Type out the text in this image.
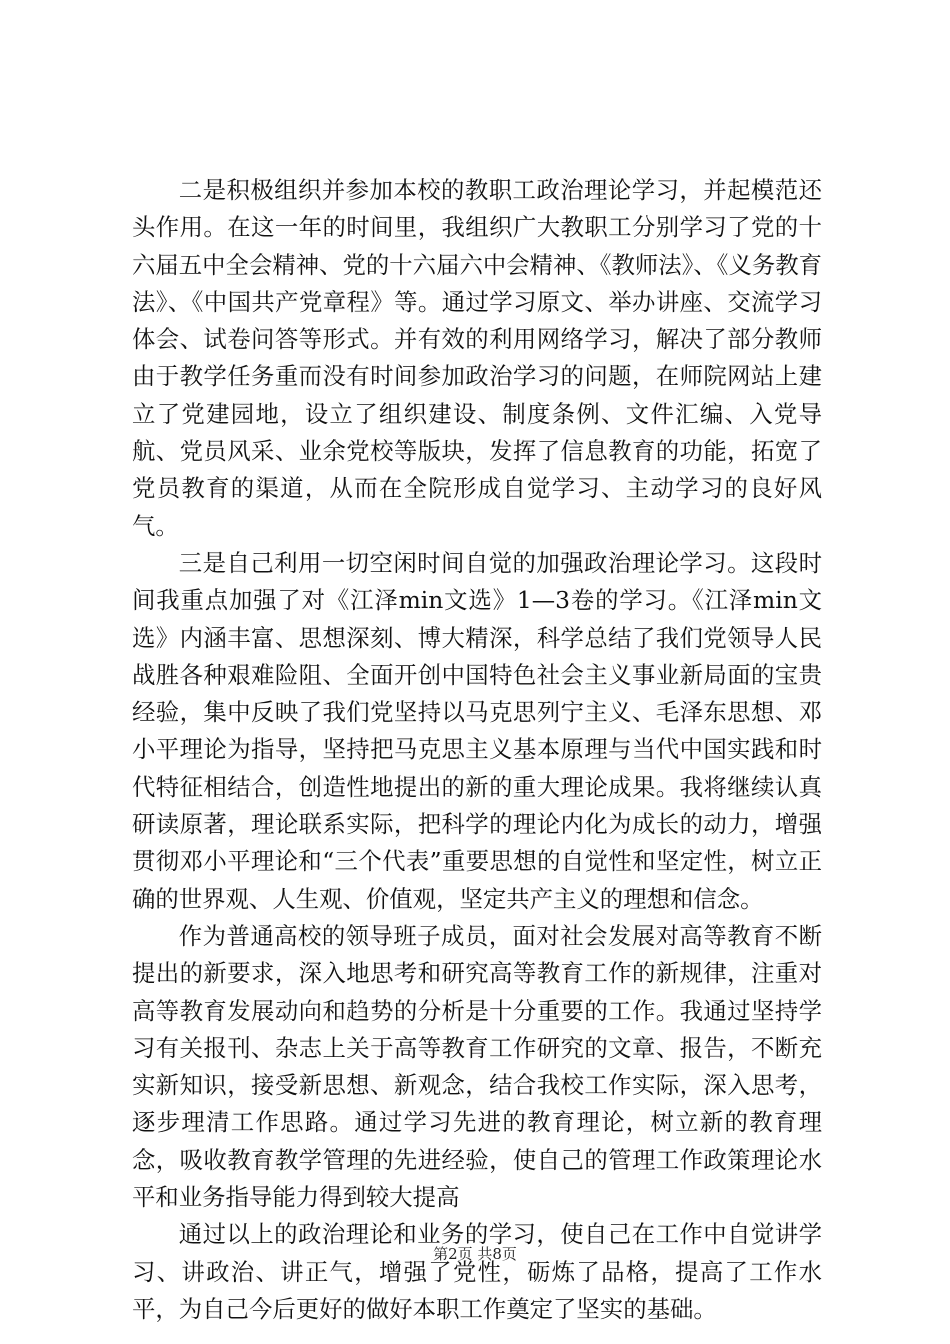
二是积极组织并参加本校的教职工政治理论学习，并起模范还头作用。在这一年的时间里，我组织广大教职工分别学习了党的十六届五中全会精神、党的十六届六中会精神、《教师法》、《义务教育法》、《中国共产党章程》等。通过学习原文、举办讲座、交流学习体会、试卷问答等形式。并有效的利用网络学习，解决了部分教师由于教学任务重而没有时间参加政治学习的问题，在师院网站上建立了党建园地，设立了组织建设、制度条例、文件汇编、入党导航、党员风采、业余党校等版块，发挥了信息教育的功能，拓宽了党员教育的渠道，从而在全院形成自觉学习、主动学习的良好风气。

三是自己利用一切空闲时间自觉的加强政治理论学习。这段时间我重点加强了对《江泽min文选》1—3卷的学习。《江泽min文选》内涵丰富、思想深刻、博大精深，科学总结了我们党领导人民战胜各种艰难险阻、全面开创中国特色社会主义事业新局面的宝贵经验，集中反映了我们党坚持以马克思列宁主义、毛泽东思想、邓小平理论为指导，坚持把马克思主义基本原理与当代中国实践和时代特征相结合，创造性地提出的新的重大理论成果。我将继续认真研读原著，理论联系实际，把科学的理论内化为成长的动力，增强贯彻邓小平理论和“三个代表”重要思想的自觉性和坚定性，树立正确的世界观、人生观、价值观，坚定共产主义的理想和信念。

作为普通高校的领导班子成员，面对社会发展对高等教育不断提出的新要求，深入地思考和研究高等教育工作的新规律，注重对高等教育发展动向和趋势的分析是十分重要的工作。我通过坚持学习有关报刊、杂志上关于高等教育工作研究的文章、报告，不断充实新知识，接受新思想、新观念，结合我校工作实际，深入思考，逐步理清工作思路。通过学习先进的教育理论，树立新的教育理念，吸收教育教学管理的先进经验，使自己的管理工作政策理论水平和业务指导能力得到较大提高

通过以上的政治理论和业务的学习，使自己在工作中自觉讲学习、讲政治、讲正气，增强了党性，砺炼了品格，提高了工作水平，为自己今后更好的做好本职工作奠定了坚实的基础。

第2页 共8页
